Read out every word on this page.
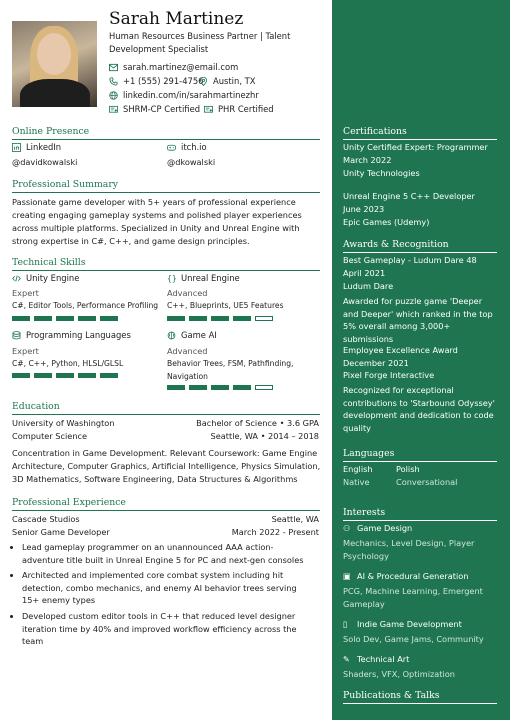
Sarah Martinez
Human Resources Business Partner | Talent Development Specialist
sarah.martinez@email.com
+1 (555) 291-4756 Austin, TX
linkedin.com/in/sarahmartinezhr
SHRM-CP Certified PHR Certified
Online Presence
LinkedIn
@davidkowalski
itch.io
@dkowalski
Professional Summary
Passionate game developer with 5+ years of professional experience creating engaging gameplay systems and polished player experiences across multiple platforms. Specialized in Unity and Unreal Engine with strong expertise in C#, C++, and game design principles.
Technical Skills
Unity Engine
Expert
C#, Editor Tools, Performance Profiling
{} Unreal Engine
Advanced
C++, Blueprints, UE5 Features
Programming Languages
Expert
C#, C++, Python, HLSL/GLSL
Game AI
Advanced
Behavior Trees, FSM, Pathfinding, Navigation
Education
University of Washington	Bachelor of Science • 3.6 GPA
Computer Science	Seattle, WA • 2014 – 2018
Concentration in Game Development. Relevant Coursework: Game Engine Architecture, Computer Graphics, Artificial Intelligence, Physics Simulation, 3D Mathematics, Software Engineering, Data Structures & Algorithms
Professional Experience
Cascade Studios	Seattle, WA
Senior Game Developer	March 2022 - Present
Lead gameplay programmer on an unannounced AAA action-adventure title built in Unreal Engine 5 for PC and next-gen consoles
Architected and implemented core combat system including hit detection, combo mechanics, and enemy AI behavior trees serving 15+ enemy types
Developed custom editor tools in C++ that reduced level designer iteration time by 40% and improved workflow efficiency across the team
Certifications
Unity Certified Expert: Programmer
March 2022
Unity Technologies
Unreal Engine 5 C++ Developer
June 2023
Epic Games (Udemy)
Awards & Recognition
Best Gameplay - Ludum Dare 48
April 2021
Ludum Dare
Awarded for puzzle game 'Deeper and Deeper' which ranked in the top 5% overall among 3,000+ submissions
Employee Excellence Award
December 2021
Pixel Forge Interactive
Recognized for exceptional contributions to 'Starbound Odyssey' development and dedication to code quality
Languages
English	Polish
Native	Conversational
Interests
⚇ Game Design
Mechanics, Level Design, Player Psychology
▣ AI & Procedural Generation
PCG, Machine Learning, Emergent Gameplay
▯ Indie Game Development
Solo Dev, Game Jams, Community
✎ Technical Art
Shaders, VFX, Optimization
Publications & Talks
